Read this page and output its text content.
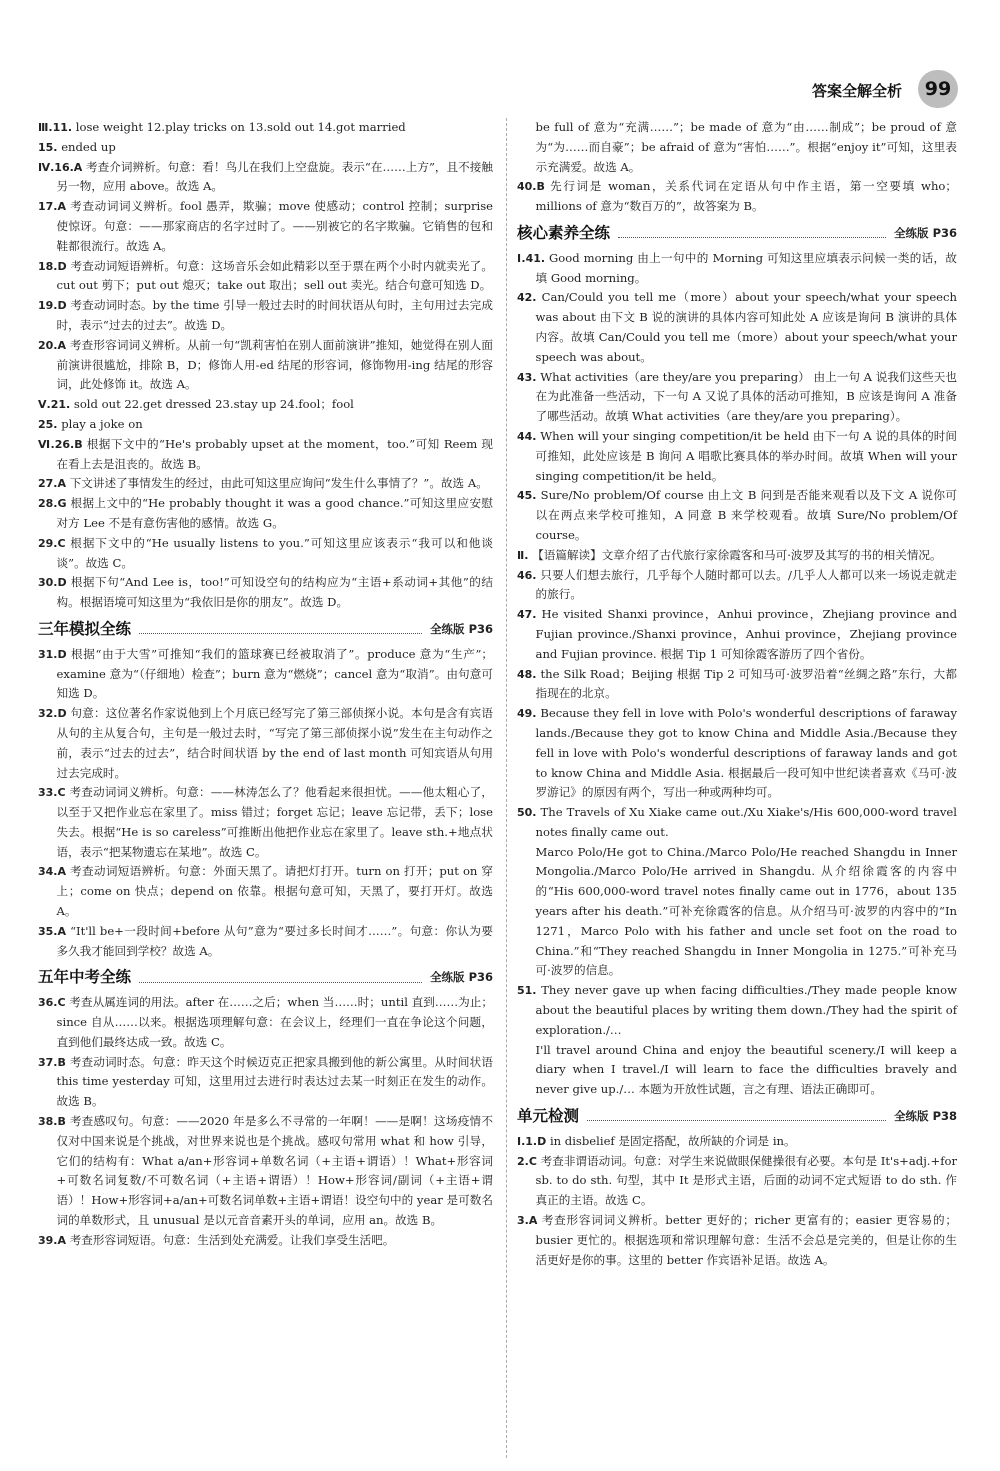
答案全解全析	99
Ⅲ.11. lose weight 12.play tricks on 13.sold out 14.got married
15. ended up
Ⅳ.16.A 考查介词辨析。句意：看！鸟儿在我们上空盘旋。表示“在……上方”，且不接触另一物，应用 above。故选 A。
17.A 考查动词词义辨析。fool 愚弄，欺骗；move 使感动；control 控制；surprise 使惊讶。句意：——那家商店的名字过时了。——别被它的名字欺骗。它销售的包和鞋都很流行。故选 A。
18.D 考查动词短语辨析。句意：这场音乐会如此精彩以至于票在两个小时内就卖光了。cut out 剪下；put out 熄灭；take out 取出；sell out 卖光。结合句意可知选 D。
19.D 考查动词时态。by the time 引导一般过去时的时间状语从句时，主句用过去完成时，表示“过去的过去”。故选 D。
20.A 考查形容词词义辨析。从前一句“凯莉害怕在别人面前演讲”推知，她觉得在别人面前演讲很尴尬，排除 B，D；修饰人用-ed 结尾的形容词，修饰物用-ing 结尾的形容词，此处修饰 it。故选 A。
Ⅴ.21. sold out 22.get dressed 23.stay up 24.fool；fool
25. play a joke on
Ⅵ.26.B 根据下文中的“He's probably upset at the moment，too.”可知 Reem 现在看上去是沮丧的。故选 B。
27.A 下文讲述了事情发生的经过，由此可知这里应询问“发生什么事情了？”。故选 A。
28.G 根据上文中的“He probably thought it was a good chance.”可知这里应安慰对方 Lee 不是有意伤害他的感情。故选 G。
29.C 根据下文中的“He usually listens to you.”可知这里应该表示“我可以和他谈谈”。故选 C。
30.D 根据下句“And Lee is，too!”可知设空句的结构应为“主语+系动词+其他”的结构。根据语境可知这里为“我依旧是你的朋友”。故选 D。
三年模拟全练	全练版 P36
31.D 根据“由于大雪”可推知“我们的篮球赛已经被取消了”。produce 意为“生产”；examine 意为“（仔细地）检查”；burn 意为“燃烧”；cancel 意为“取消”。由句意可知选 D。
32.D 句意：这位著名作家说他到上个月底已经写完了第三部侦探小说。本句是含有宾语从句的主从复合句，主句是一般过去时，“写完了第三部侦探小说”发生在主句动作之前，表示“过去的过去”，结合时间状语 by the end of last month 可知宾语从句用过去完成时。
33.C 考查动词词义辨析。句意：——林涛怎么了？他看起来很担忧。——他太粗心了，以至于又把作业忘在家里了。miss 错过；forget 忘记；leave 忘记带，丢下；lose 失去。根据“He is so careless”可推断出他把作业忘在家里了。leave sth.+地点状语，表示“把某物遗忘在某地”。故选 C。
34.A 考查动词短语辨析。句意：外面天黑了。请把灯打开。turn on 打开；put on 穿上；come on 快点；depend on 依靠。根据句意可知，天黑了，要打开灯。故选 A。
35.A “It'll be+一段时间+before 从句”意为“要过多长时间才……”。句意：你认为要多久我才能回到学校？故选 A。
五年中考全练	全练版 P36
36.C 考查从属连词的用法。after 在……之后；when 当……时；until 直到……为止；since 自从……以来。根据选项理解句意：在会议上，经理们一直在争论这个问题，直到他们最终达成一致。故选 C。
37.B 考查动词时态。句意：昨天这个时候迈克正把家具搬到他的新公寓里。从时间状语 this time yesterday 可知，这里用过去进行时表达过去某一时刻正在发生的动作。故选 B。
38.B 考查感叹句。句意：——2020 年是多么不寻常的一年啊！——是啊！这场疫情不仅对中国来说是个挑战，对世界来说也是个挑战。感叹句常用 what 和 how 引导，它们的结构有：What a/an+形容词+单数名词（+主语+谓语）！What+形容词+可数名词复数/不可数名词（+主语+谓语）！How+形容词/副词（+主语+谓语）！How+形容词+a/an+可数名词单数+主语+谓语！设空句中的 year 是可数名词的单数形式，且 unusual 是以元音音素开头的单词，应用 an。故选 B。
39.A 考查形容词短语。句意：生活到处充满爱。让我们享受生活吧。
be full of 意为“充满……”；be made of 意为“由……制成”；be proud of 意为“为……而自豪”；be afraid of 意为“害怕……”。根据“enjoy it”可知，这里表示充满爱。故选 A。
40.B 先行词是 woman，关系代词在定语从句中作主语，第一空要填 who；millions of 意为“数百万的”，故答案为 B。
核心素养全练	全练版 P36
Ⅰ.41. Good morning 由上一句中的 Morning 可知这里应填表示问候一类的话，故填 Good morning。
42. Can/Could you tell me（more）about your speech/what your speech was about 由下文 B 说的演讲的具体内容可知此处 A 应该是询问 B 演讲的具体内容。故填 Can/Could you tell me（more）about your speech/what your speech was about。
43. What activities（are they/are you preparing） 由上一句 A 说我们这些天也在为此准备一些活动，下一句 A 又说了具体的活动可推知，B 应该是询问 A 准备了哪些活动。故填 What activities（are they/are you preparing）。
44. When will your singing competition/it be held 由下一句 A 说的具体的时间可推知，此处应该是 B 询问 A 唱歌比赛具体的举办时间。故填 When will your singing competition/it be held。
45. Sure/No problem/Of course 由上文 B 问到是否能来观看以及下文 A 说你可以在两点来学校可推知，A 同意 B 来学校观看。故填 Sure/No problem/Of course。
Ⅱ. 【语篇解读】文章介绍了古代旅行家徐霞客和马可·波罗及其写的书的相关情况。
46. 只要人们想去旅行，几乎每个人随时都可以去。/几乎人人都可以来一场说走就走的旅行。
47. He visited Shanxi province，Anhui province，Zhejiang province and Fujian province./Shanxi province，Anhui province，Zhejiang province and Fujian province. 根据 Tip 1 可知徐霞客游历了四个省份。
48. the Silk Road；Beijing 根据 Tip 2 可知马可·波罗沿着“丝绸之路”东行，大都指现在的北京。
49. Because they fell in love with Polo's wonderful descriptions of faraway lands./Because they got to know China and Middle Asia./Because they fell in love with Polo's wonderful descriptions of faraway lands and got to know China and Middle Asia. 根据最后一段可知中世纪读者喜欢《马可·波罗游记》的原因有两个，写出一种或两种均可。
50. The Travels of Xu Xiake came out./Xu Xiake's/His 600,000-word travel notes finally came out.
Marco Polo/He got to China./Marco Polo/He reached Shangdu in Inner Mongolia./Marco Polo/He arrived in Shangdu. 从介绍徐霞客的内容中的“His 600,000-word travel notes finally came out in 1776，about 135 years after his death.”可补充徐霞客的信息。从介绍马可·波罗的内容中的“In 1271，Marco Polo with his father and uncle set foot on the road to China.”和“They reached Shangdu in Inner Mongolia in 1275.”可补充马可·波罗的信息。
51. They never gave up when facing difficulties./They made people know about the beautiful places by writing them down./They had the spirit of exploration./…
I'll travel around China and enjoy the beautiful scenery./I will keep a diary when I travel./I will learn to face the difficulties bravely and never give up./… 本题为开放性试题，言之有理、语法正确即可。
单元检测	全练版 P38
Ⅰ.1.D in disbelief 是固定搭配，故所缺的介词是 in。
2.C 考查非谓语动词。句意：对学生来说做眼保健操很有必要。本句是 It's+adj.+for sb. to do sth. 句型，其中 It 是形式主语，后面的动词不定式短语 to do sth. 作真正的主语。故选 C。
3.A 考查形容词词义辨析。better 更好的；richer 更富有的；easier 更容易的；busier 更忙的。根据选项和常识理解句意：生活不会总是完美的，但是让你的生活更好是你的事。这里的 better 作宾语补足语。故选 A。
